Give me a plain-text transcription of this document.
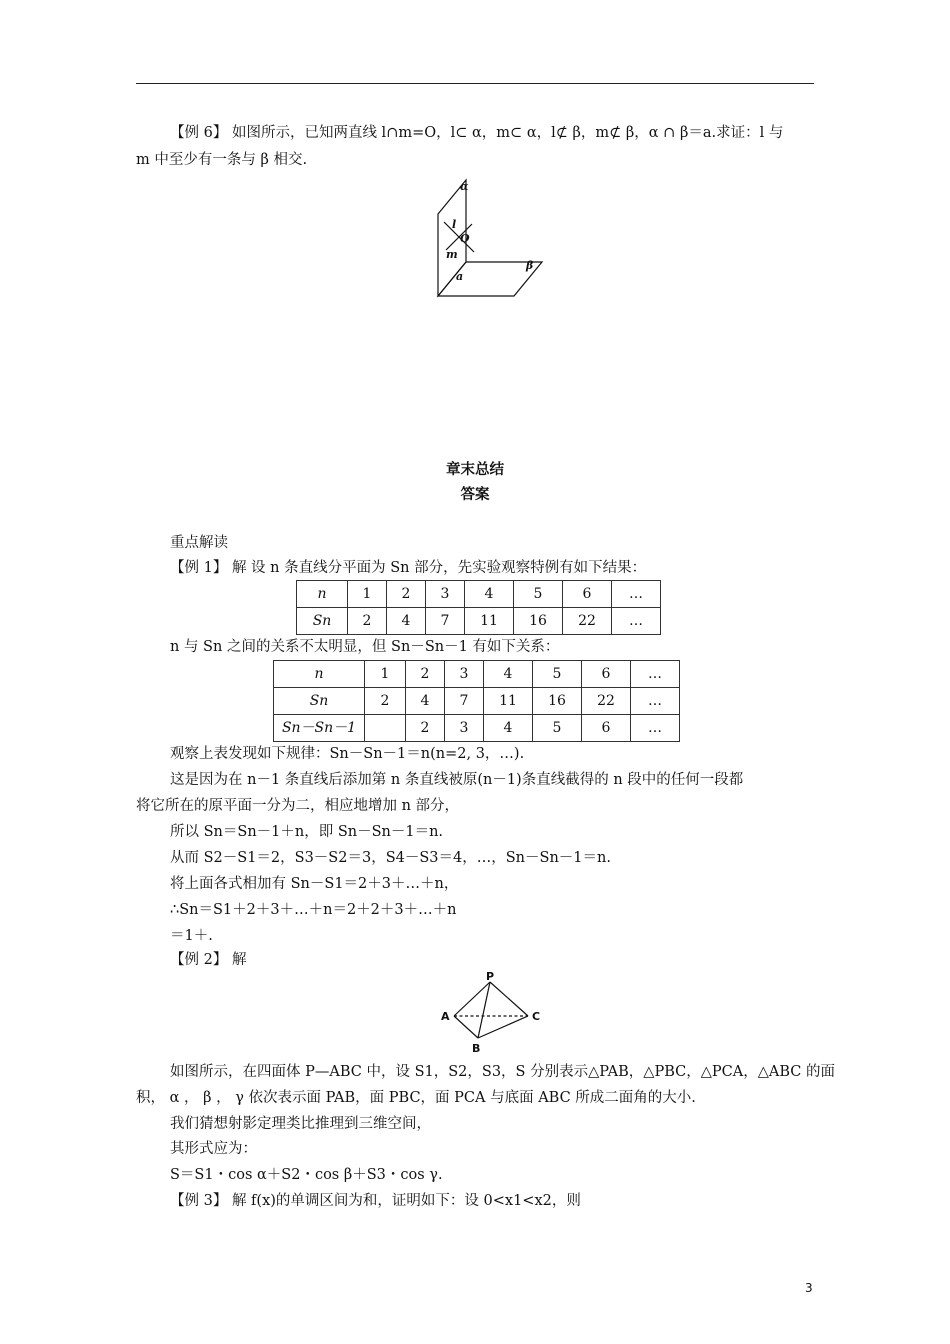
【例 6】 如图所示，已知两直线 l∩m=O，l⊂ α，m⊂ α，l⊄ β，m⊄ β，α ∩ β＝a.求证：l 与
m 中至少有一条与 β 相交.
α
β
l
O
m
a
章末总结
答案
重点解读
【例 1】 解 设 n 条直线分平面为 Sn 部分，先实验观察特例有如下结果：
n	1	2	3	4	5	6	…
Sn	2	4	7	11	16	22	…
n 与 Sn 之间的关系不太明显，但 Sn－Sn－1 有如下关系：
n	1	2	3	4	5	6	…
Sn	2	4	7	11	16	22	…
Sn－Sn－1		2	3	4	5	6	…
观察上表发现如下规律：Sn－Sn－1＝n(n=2, 3，…).
这是因为在 n－1 条直线后添加第 n 条直线被原(n－1)条直线截得的 n 段中的任何一段都
将它所在的原平面一分为二，相应地增加 n 部分，
所以 Sn＝Sn－1＋n，即 Sn－Sn－1＝n.
从而 S2－S1＝2，S3－S2＝3，S4－S3＝4，…，Sn－Sn－1＝n.
将上面各式相加有 Sn－S1＝2＋3＋…＋n，
∴Sn＝S1＋2＋3＋…＋n＝2＋2＋3＋…＋n
＝1＋.
【例 2】 解
P
A	C
B
如图所示，在四面体 P—ABC 中，设 S1，S2，S3，S 分别表示△PAB，△PBC，△PCA，△ABC 的面
积， α ， β ， γ 依次表示面 PAB，面 PBC，面 PCA 与底面 ABC 所成二面角的大小.
我们猜想射影定理类比推理到三维空间，
其形式应为：
S＝S1・cos α＋S2・cos β＋S3・cos γ.
【例 3】 解 f(x)的单调区间为和，证明如下：设 0<x1<x2，则
3
